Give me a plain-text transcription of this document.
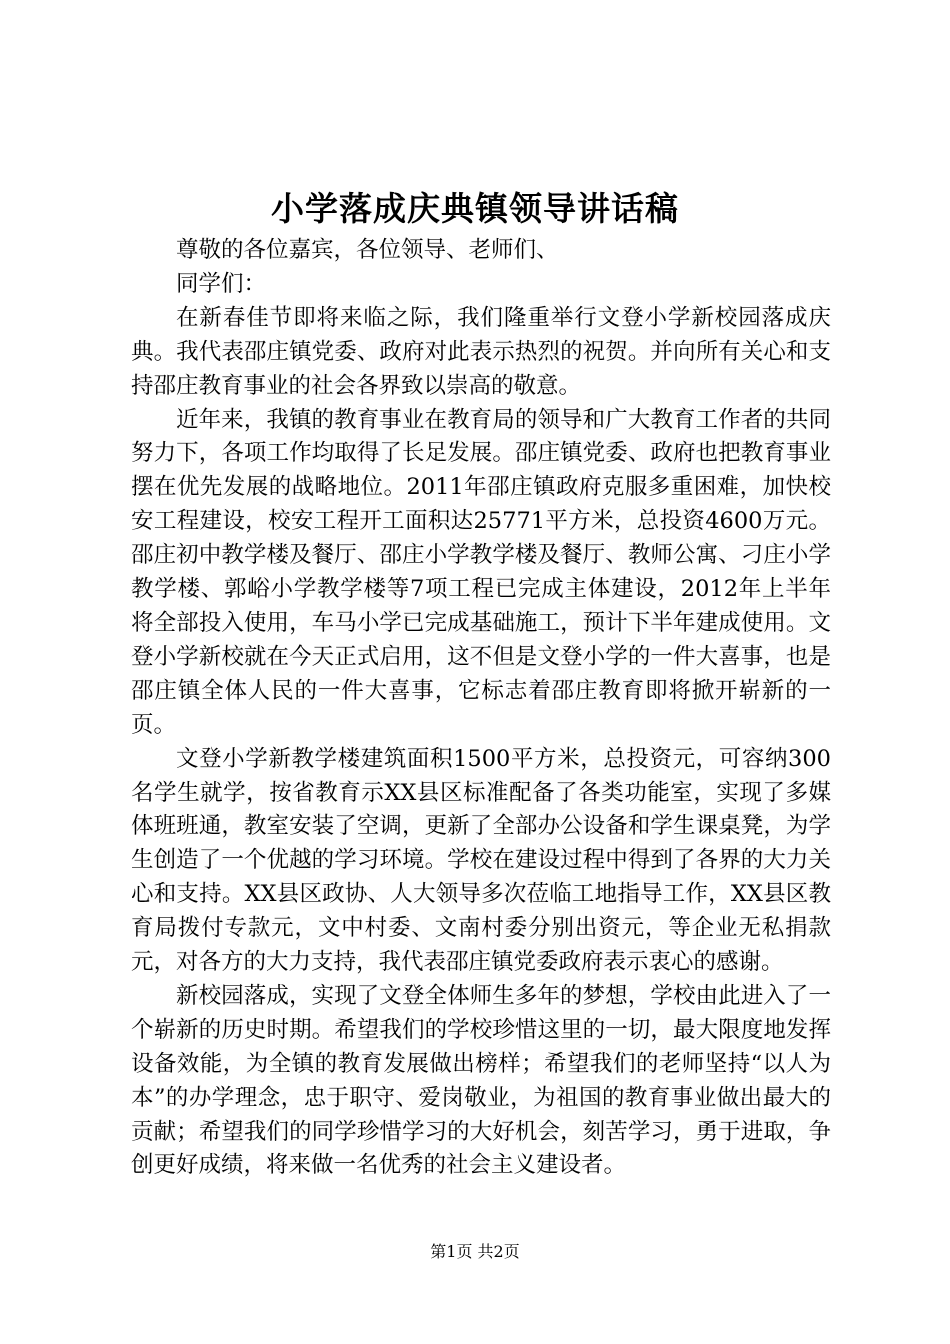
小学落成庆典镇领导讲话稿

尊敬的各位嘉宾，各位领导、老师们、

同学们：

在新春佳节即将来临之际，我们隆重举行文登小学新校园落成庆典。我代表邵庄镇党委、政府对此表示热烈的祝贺。并向所有关心和支持邵庄教育事业的社会各界致以崇高的敬意。

近年来，我镇的教育事业在教育局的领导和广大教育工作者的共同努力下，各项工作均取得了长足发展。邵庄镇党委、政府也把教育事业摆在优先发展的战略地位。2011年邵庄镇政府克服多重困难，加快校安工程建设，校安工程开工面积达25771平方米，总投资4600万元。邵庄初中教学楼及餐厅、邵庄小学教学楼及餐厅、教师公寓、刁庄小学教学楼、郭峪小学教学楼等7项工程已完成主体建设，2012年上半年将全部投入使用，车马小学已完成基础施工，预计下半年建成使用。文登小学新校就在今天正式启用，这不但是文登小学的一件大喜事，也是邵庄镇全体人民的一件大喜事，它标志着邵庄教育即将掀开崭新的一页。

文登小学新教学楼建筑面积1500平方米，总投资元，可容纳300名学生就学，按省教育示XX县区标准配备了各类功能室，实现了多媒体班班通，教室安装了空调，更新了全部办公设备和学生课桌凳，为学生创造了一个优越的学习环境。学校在建设过程中得到了各界的大力关心和支持。XX县区政协、人大领导多次莅临工地指导工作，XX县区教育局拨付专款元，文中村委、文南村委分别出资元，等企业无私捐款元，对各方的大力支持，我代表邵庄镇党委政府表示衷心的感谢。

新校园落成，实现了文登全体师生多年的梦想，学校由此进入了一个崭新的历史时期。希望我们的学校珍惜这里的一切，最大限度地发挥设备效能，为全镇的教育发展做出榜样；希望我们的老师坚持“以人为本”的办学理念，忠于职守、爱岗敬业，为祖国的教育事业做出最大的贡献；希望我们的同学珍惜学习的大好机会，刻苦学习，勇于进取，争创更好成绩，将来做一名优秀的社会主义建设者。

第1页 共2页
